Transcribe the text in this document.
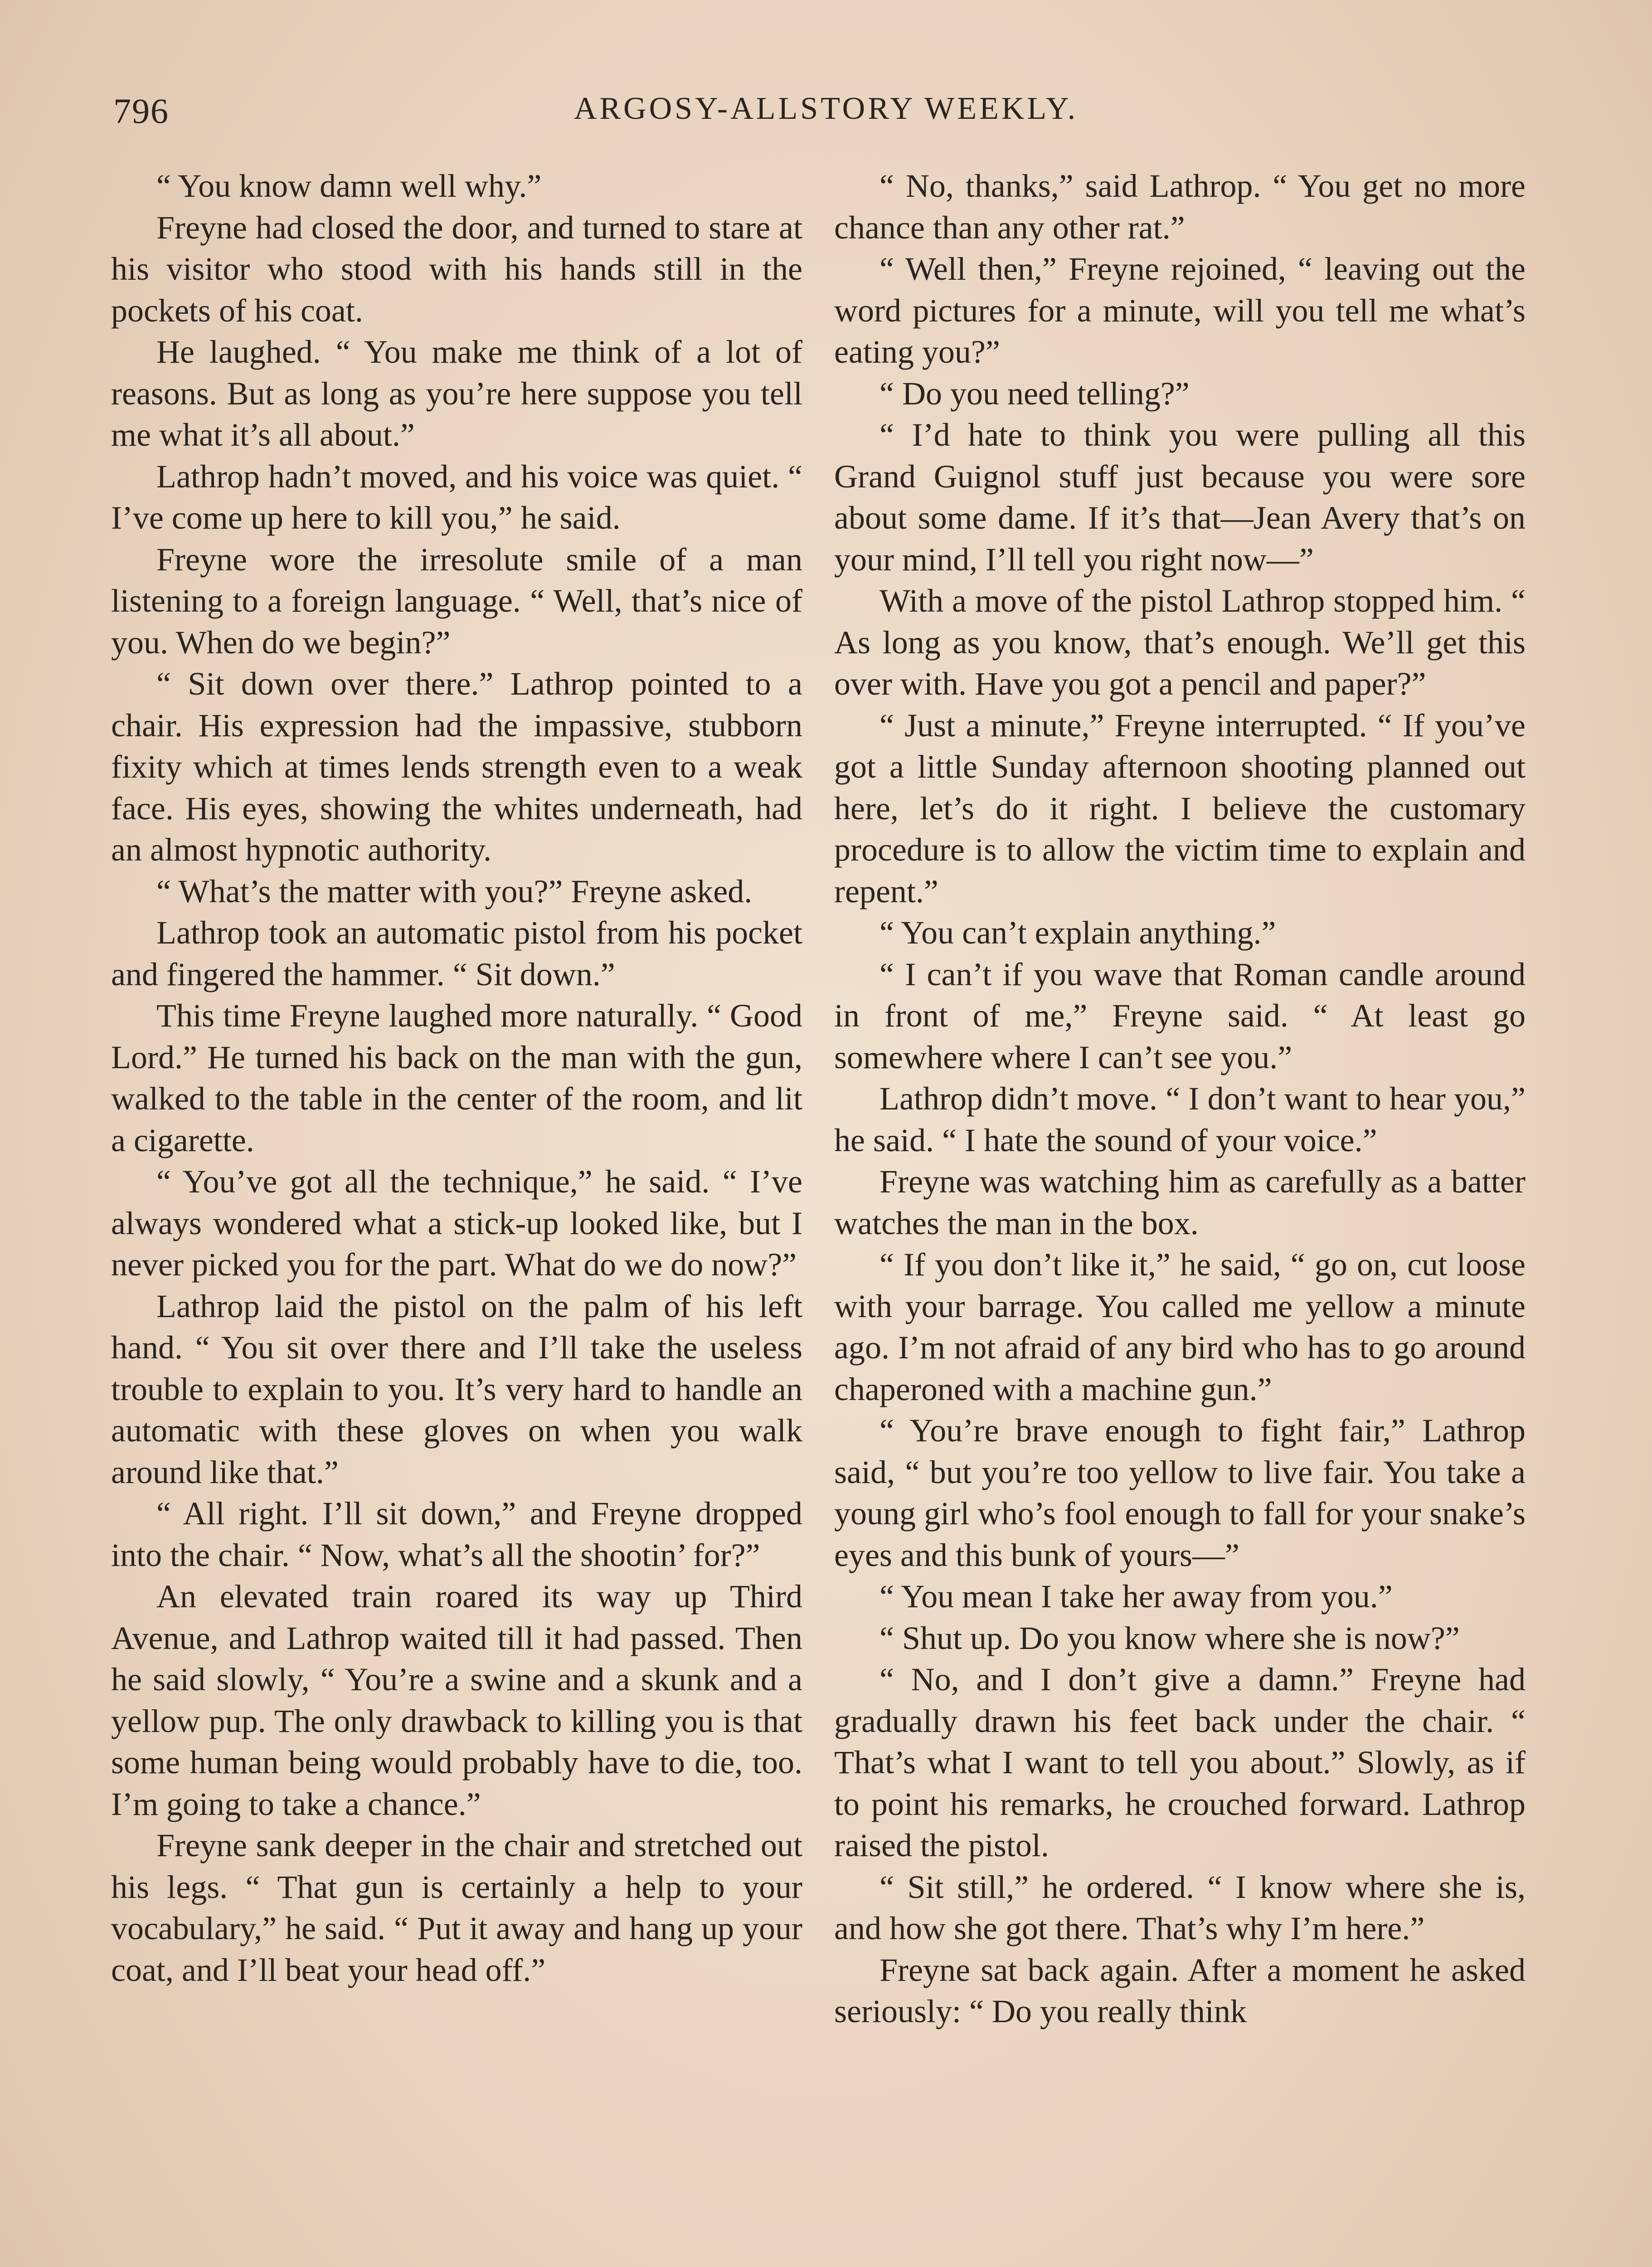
796	ARGOSY-ALLSTORY WEEKLY.

“ You know damn well why.”

Freyne had closed the door, and turned to stare at his visitor who stood with his hands still in the pockets of his coat.

He laughed. “ You make me think of a lot of reasons. But as long as you’re here suppose you tell me what it’s all about.”

Lathrop hadn’t moved, and his voice was quiet. “ I’ve come up here to kill you,” he said.

Freyne wore the irresolute smile of a man listening to a foreign language. “ Well, that’s nice of you. When do we begin?”

“ Sit down over there.” Lathrop pointed to a chair. His expression had the impassive, stubborn fixity which at times lends strength even to a weak face. His eyes, showing the whites underneath, had an almost hypnotic authority.

“ What’s the matter with you?” Freyne asked.

Lathrop took an automatic pistol from his pocket and fingered the hammer. “ Sit down.”

This time Freyne laughed more naturally. “ Good Lord.” He turned his back on the man with the gun, walked to the table in the center of the room, and lit a cigarette.

“ You’ve got all the technique,” he said. “ I’ve always wondered what a stick-up looked like, but I never picked you for the part. What do we do now?”

Lathrop laid the pistol on the palm of his left hand. “ You sit over there and I’ll take the useless trouble to explain to you. It’s very hard to handle an automatic with these gloves on when you walk around like that.”

“ All right. I’ll sit down,” and Freyne dropped into the chair. “ Now, what’s all the shootin’ for?”

An elevated train roared its way up Third Avenue, and Lathrop waited till it had passed. Then he said slowly, “ You’re a swine and a skunk and a yellow pup. The only drawback to killing you is that some human being would probably have to die, too. I’m going to take a chance.”

Freyne sank deeper in the chair and stretched out his legs. “ That gun is certainly a help to your vocabulary,” he said. “ Put it away and hang up your coat, and I’ll beat your head off.”

“ No, thanks,” said Lathrop. “ You get no more chance than any other rat.”

“ Well then,” Freyne rejoined, “ leaving out the word pictures for a minute, will you tell me what’s eating you?”

“ Do you need telling?”

“ I’d hate to think you were pulling all this Grand Guignol stuff just because you were sore about some dame. If it’s that—Jean Avery that’s on your mind, I’ll tell you right now—”

With a move of the pistol Lathrop stopped him. “ As long as you know, that’s enough. We’ll get this over with. Have you got a pencil and paper?”

“ Just a minute,” Freyne interrupted. “ If you’ve got a little Sunday afternoon shooting planned out here, let’s do it right. I believe the customary procedure is to allow the victim time to explain and repent.”

“ You can’t explain anything.”

“ I can’t if you wave that Roman candle around in front of me,” Freyne said. “ At least go somewhere where I can’t see you.”

Lathrop didn’t move. “ I don’t want to hear you,” he said. “ I hate the sound of your voice.”

Freyne was watching him as carefully as a batter watches the man in the box.

“ If you don’t like it,” he said, “ go on, cut loose with your barrage. You called me yellow a minute ago. I’m not afraid of any bird who has to go around chaperoned with a machine gun.”

“ You’re brave enough to fight fair,” Lathrop said, “ but you’re too yellow to live fair. You take a young girl who’s fool enough to fall for your snake’s eyes and this bunk of yours—”

“ You mean I take her away from you.”

“ Shut up. Do you know where she is now?”

“ No, and I don’t give a damn.” Freyne had gradually drawn his feet back under the chair. “ That’s what I want to tell you about.” Slowly, as if to point his remarks, he crouched forward. Lathrop raised the pistol.

“ Sit still,” he ordered. “ I know where she is, and how she got there. That’s why I’m here.”

Freyne sat back again. After a moment he asked seriously: “ Do you really think
